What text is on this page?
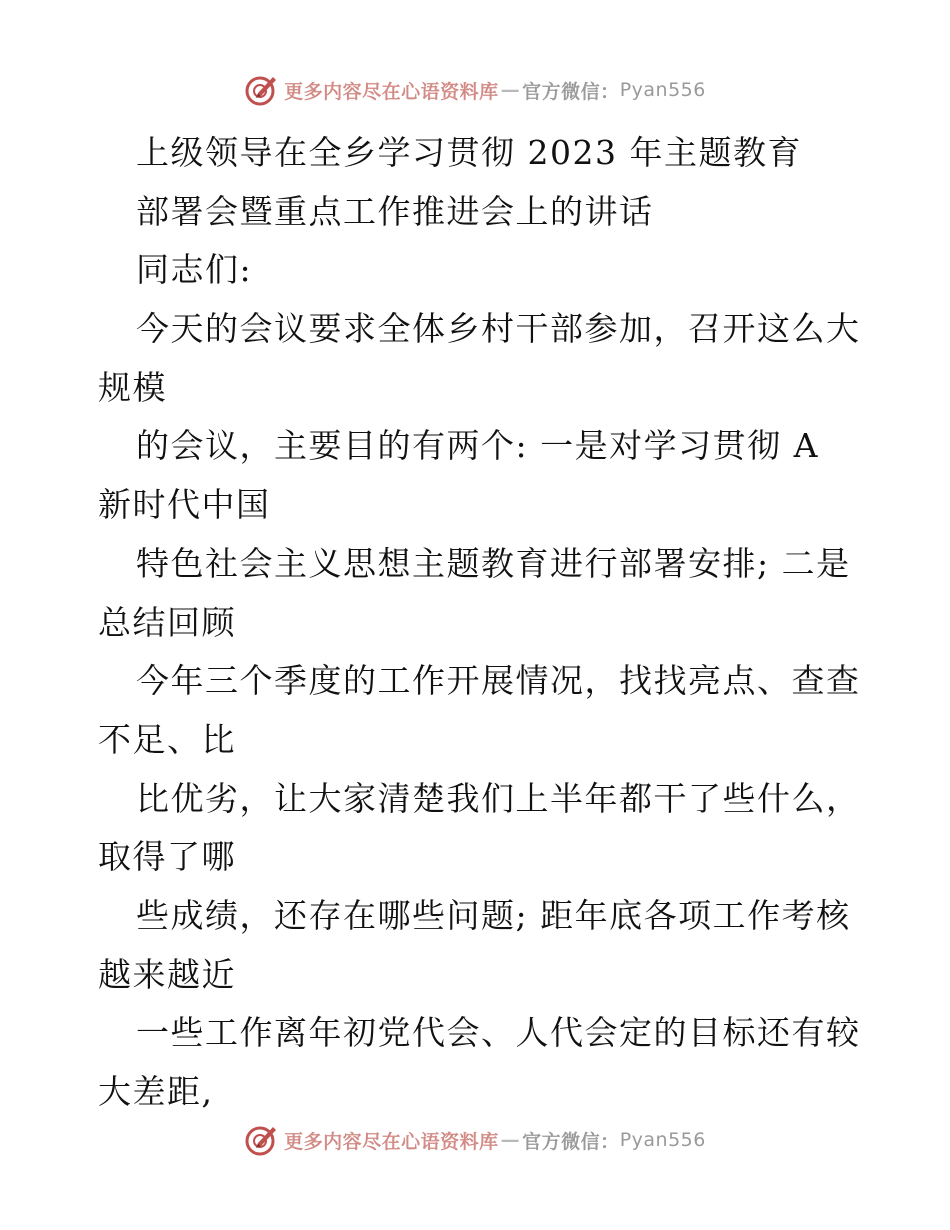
更多内容尽在心语资料库 — 官方微信： Pyan556
上级领导在全乡学习贯彻 2023 年主题教育
部署会暨重点工作推进会上的讲话
同志们:
今天的会议要求全体乡村干部参加，召开这么大
规模
的会议，主要目的有两个: 一是对学习贯彻 A
新时代中国
特色社会主义思想主题教育进行部署安排; 二是
总结回顾
今年三个季度的工作开展情况，找找亮点、查查
不足、比
比优劣，让大家清楚我们上半年都干了些什么，
取得了哪
些成绩，还存在哪些问题; 距年底各项工作考核
越来越近
一些工作离年初党代会、人代会定的目标还有较
大差距,
更多内容尽在心语资料库 — 官方微信： Pyan556
